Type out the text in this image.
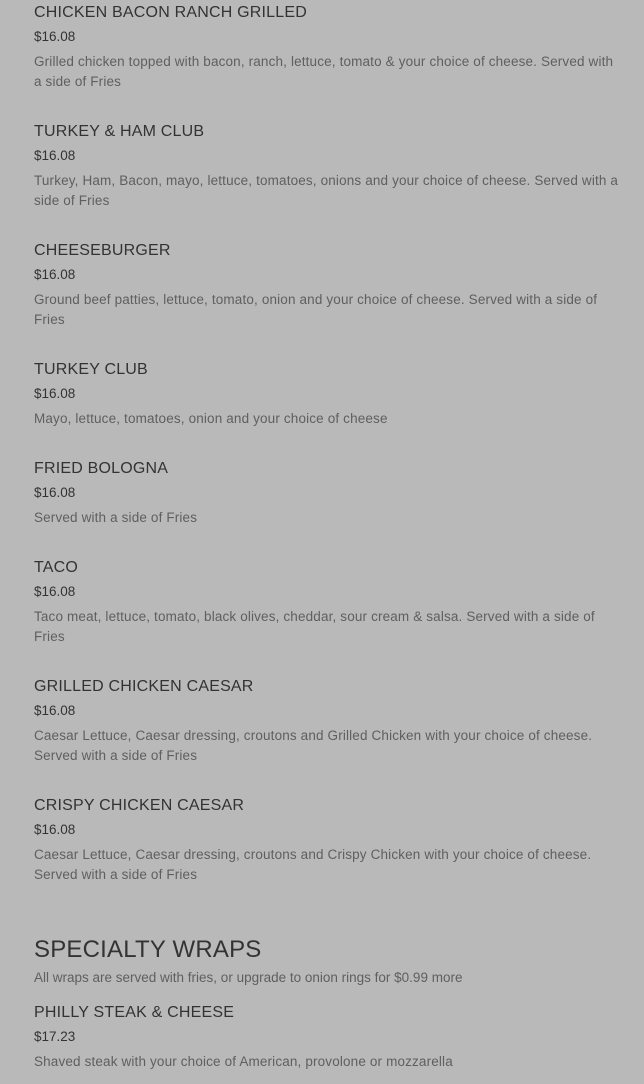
CHICKEN BACON RANCH GRILLED

$16.08

Grilled chicken topped with bacon, ranch, lettuce, tomato & your choice of cheese. Served with a side of Fries

TURKEY & HAM CLUB

$16.08

Turkey, Ham, Bacon, mayo, lettuce, tomatoes, onions and your choice of cheese. Served with a side of Fries

CHEESEBURGER

$16.08

Ground beef patties, lettuce, tomato, onion and your choice of cheese. Served with a side of Fries

TURKEY CLUB

$16.08

Mayo, lettuce, tomatoes, onion and your choice of cheese

FRIED BOLOGNA

$16.08

Served with a side of Fries

TACO

$16.08

Taco meat, lettuce, tomato, black olives, cheddar, sour cream & salsa. Served with a side of Fries

GRILLED CHICKEN CAESAR

$16.08

Caesar Lettuce, Caesar dressing, croutons and Grilled Chicken with your choice of cheese. Served with a side of Fries

CRISPY CHICKEN CAESAR

$16.08

Caesar Lettuce, Caesar dressing, croutons and Crispy Chicken with your choice of cheese. Served with a side of Fries

SPECIALTY WRAPS

All wraps are served with fries, or upgrade to onion rings for $0.99 more

PHILLY STEAK & CHEESE

$17.23

Shaved steak with your choice of American, provolone or mozzarella
